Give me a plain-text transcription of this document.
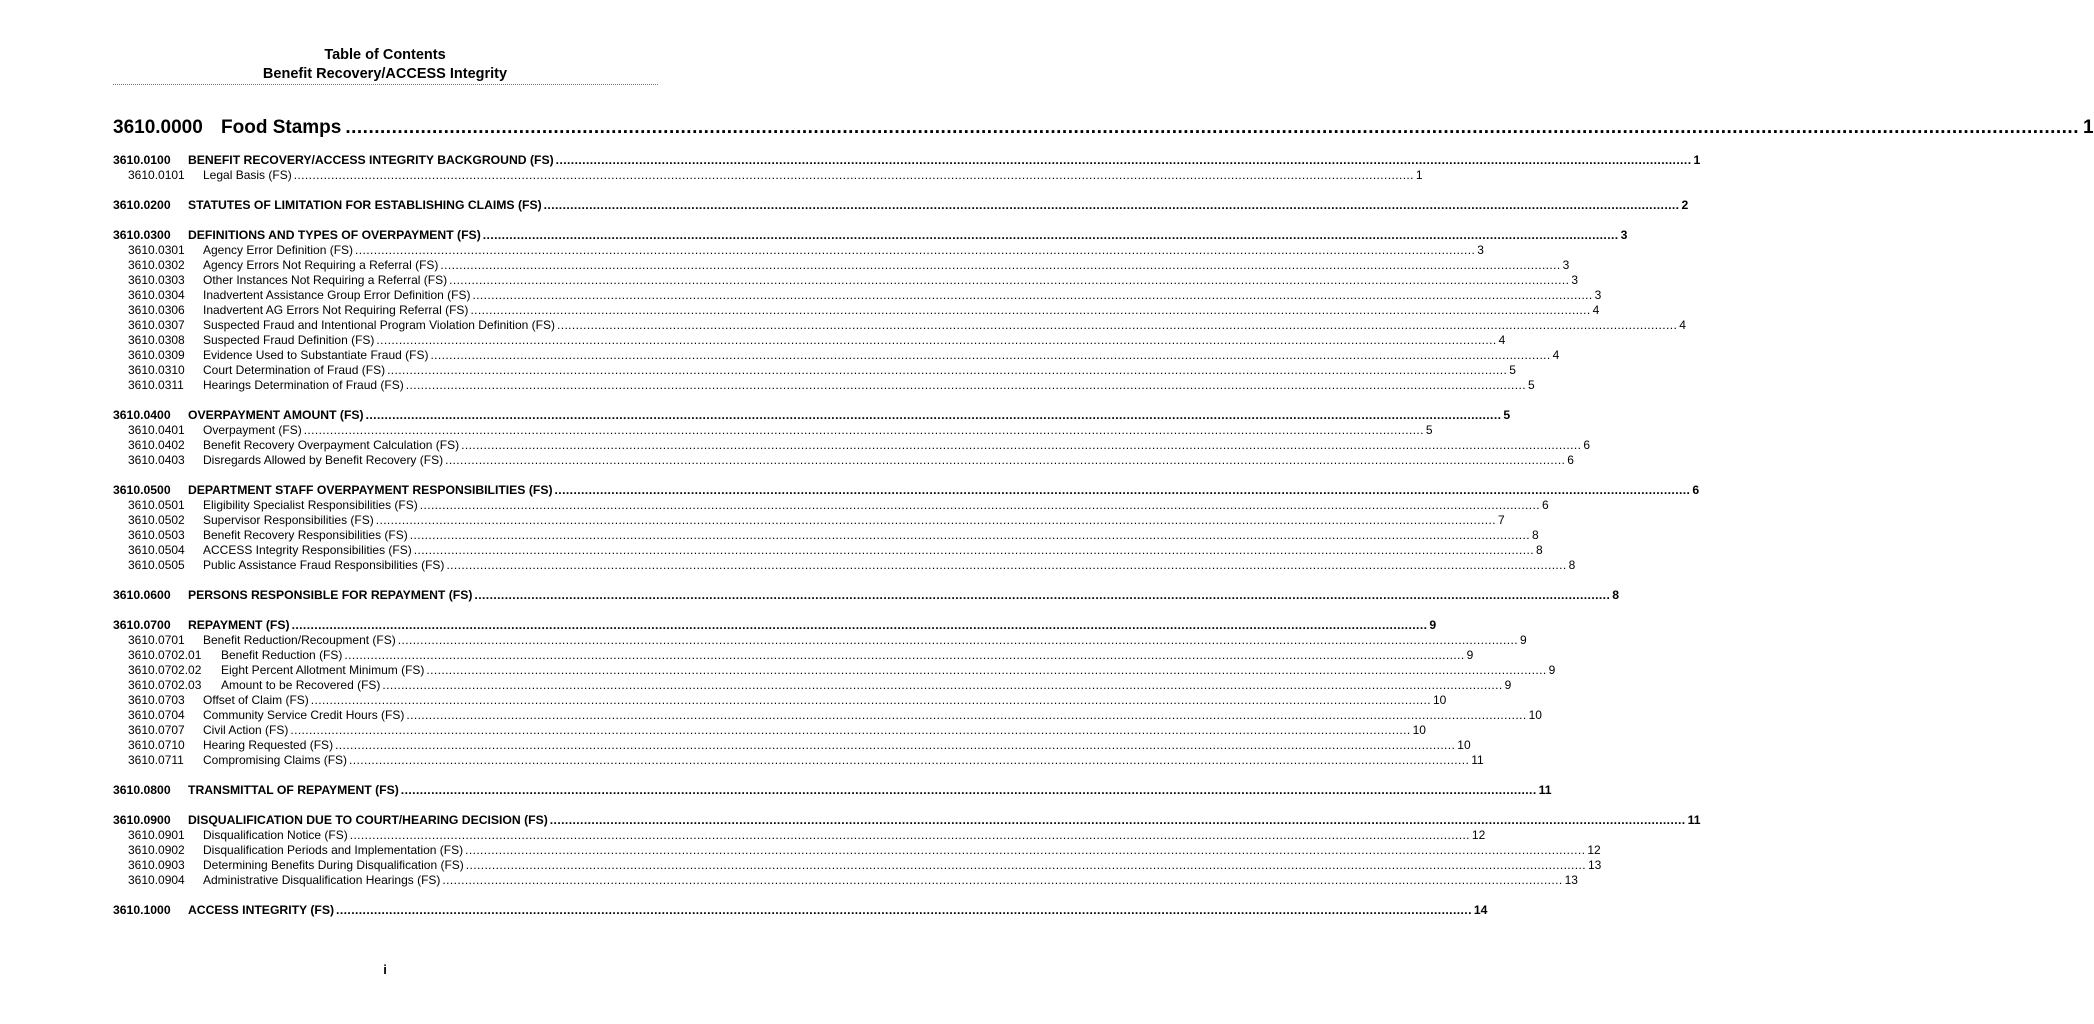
Table of Contents
Benefit Recovery/ACCESS Integrity
3610.0000 Food Stamps ............................................................................................................................................................................................................................................................................................................ 1
3610.0100	BENEFIT RECOVERY/ACCESS INTEGRITY BACKGROUND (FS) ............................................................................................................................................................................................................................................................................................................ 1
3610.0101	Legal Basis (FS) ............................................................................................................................................................................................................................................................................................................ 1
3610.0200	STATUTES OF LIMITATION FOR ESTABLISHING CLAIMS (FS) ............................................................................................................................................................................................................................................................................................................ 2
3610.0300	DEFINITIONS AND TYPES OF OVERPAYMENT (FS) ............................................................................................................................................................................................................................................................................................................ 3
3610.0301	Agency Error Definition (FS) ............................................................................................................................................................................................................................................................................................................ 3
3610.0302	Agency Errors Not Requiring a Referral (FS) ............................................................................................................................................................................................................................................................................................................ 3
3610.0303	Other Instances Not Requiring a Referral (FS) ............................................................................................................................................................................................................................................................................................................ 3
3610.0304	Inadvertent Assistance Group Error Definition (FS) ............................................................................................................................................................................................................................................................................................................ 3
3610.0306	Inadvertent AG Errors Not Requiring Referral (FS) ............................................................................................................................................................................................................................................................................................................ 4
3610.0307	Suspected Fraud and Intentional Program Violation Definition (FS) ............................................................................................................................................................................................................................................................................................................ 4
3610.0308	Suspected Fraud Definition (FS) ............................................................................................................................................................................................................................................................................................................ 4
3610.0309	Evidence Used to Substantiate Fraud (FS) ............................................................................................................................................................................................................................................................................................................ 4
3610.0310	Court Determination of Fraud (FS) ............................................................................................................................................................................................................................................................................................................ 5
3610.0311	Hearings Determination of Fraud (FS) ............................................................................................................................................................................................................................................................................................................ 5
3610.0400	OVERPAYMENT AMOUNT (FS) ............................................................................................................................................................................................................................................................................................................ 5
3610.0401	Overpayment (FS) ............................................................................................................................................................................................................................................................................................................ 5
3610.0402	Benefit Recovery Overpayment Calculation (FS) ............................................................................................................................................................................................................................................................................................................ 6
3610.0403	Disregards Allowed by Benefit Recovery (FS) ............................................................................................................................................................................................................................................................................................................ 6
3610.0500	DEPARTMENT STAFF OVERPAYMENT RESPONSIBILITIES (FS) ............................................................................................................................................................................................................................................................................................................ 6
3610.0501	Eligibility Specialist Responsibilities (FS) ............................................................................................................................................................................................................................................................................................................ 6
3610.0502	Supervisor Responsibilities (FS) ............................................................................................................................................................................................................................................................................................................ 7
3610.0503	Benefit Recovery Responsibilities (FS) ............................................................................................................................................................................................................................................................................................................ 8
3610.0504	ACCESS Integrity Responsibilities (FS) ............................................................................................................................................................................................................................................................................................................ 8
3610.0505	Public Assistance Fraud Responsibilities (FS) ............................................................................................................................................................................................................................................................................................................ 8
3610.0600	PERSONS RESPONSIBLE FOR REPAYMENT (FS) ............................................................................................................................................................................................................................................................................................................ 8
3610.0700	REPAYMENT (FS) ............................................................................................................................................................................................................................................................................................................ 9
3610.0701	Benefit Reduction/Recoupment (FS) ............................................................................................................................................................................................................................................................................................................ 9
3610.0702.01	Benefit Reduction (FS) ............................................................................................................................................................................................................................................................................................................ 9
3610.0702.02	Eight Percent Allotment Minimum (FS) ............................................................................................................................................................................................................................................................................................................ 9
3610.0702.03	Amount to be Recovered (FS) ............................................................................................................................................................................................................................................................................................................ 9
3610.0703	Offset of Claim (FS) ............................................................................................................................................................................................................................................................................................................ 10
3610.0704	Community Service Credit Hours (FS) ............................................................................................................................................................................................................................................................................................................ 10
3610.0707	Civil Action (FS) ............................................................................................................................................................................................................................................................................................................ 10
3610.0710	Hearing Requested (FS) ............................................................................................................................................................................................................................................................................................................ 10
3610.0711	Compromising Claims (FS) ............................................................................................................................................................................................................................................................................................................ 11
3610.0800	TRANSMITTAL OF REPAYMENT (FS) ............................................................................................................................................................................................................................................................................................................ 11
3610.0900	DISQUALIFICATION DUE TO COURT/HEARING DECISION (FS) ............................................................................................................................................................................................................................................................................................................ 11
3610.0901	Disqualification Notice (FS) ............................................................................................................................................................................................................................................................................................................ 12
3610.0902	Disqualification Periods and Implementation (FS) ............................................................................................................................................................................................................................................................................................................ 12
3610.0903	Determining Benefits During Disqualification (FS) ............................................................................................................................................................................................................................................................................................................ 13
3610.0904	Administrative Disqualification Hearings (FS) ............................................................................................................................................................................................................................................................................................................ 13
3610.1000	ACCESS INTEGRITY (FS) ............................................................................................................................................................................................................................................................................................................ 14
i
